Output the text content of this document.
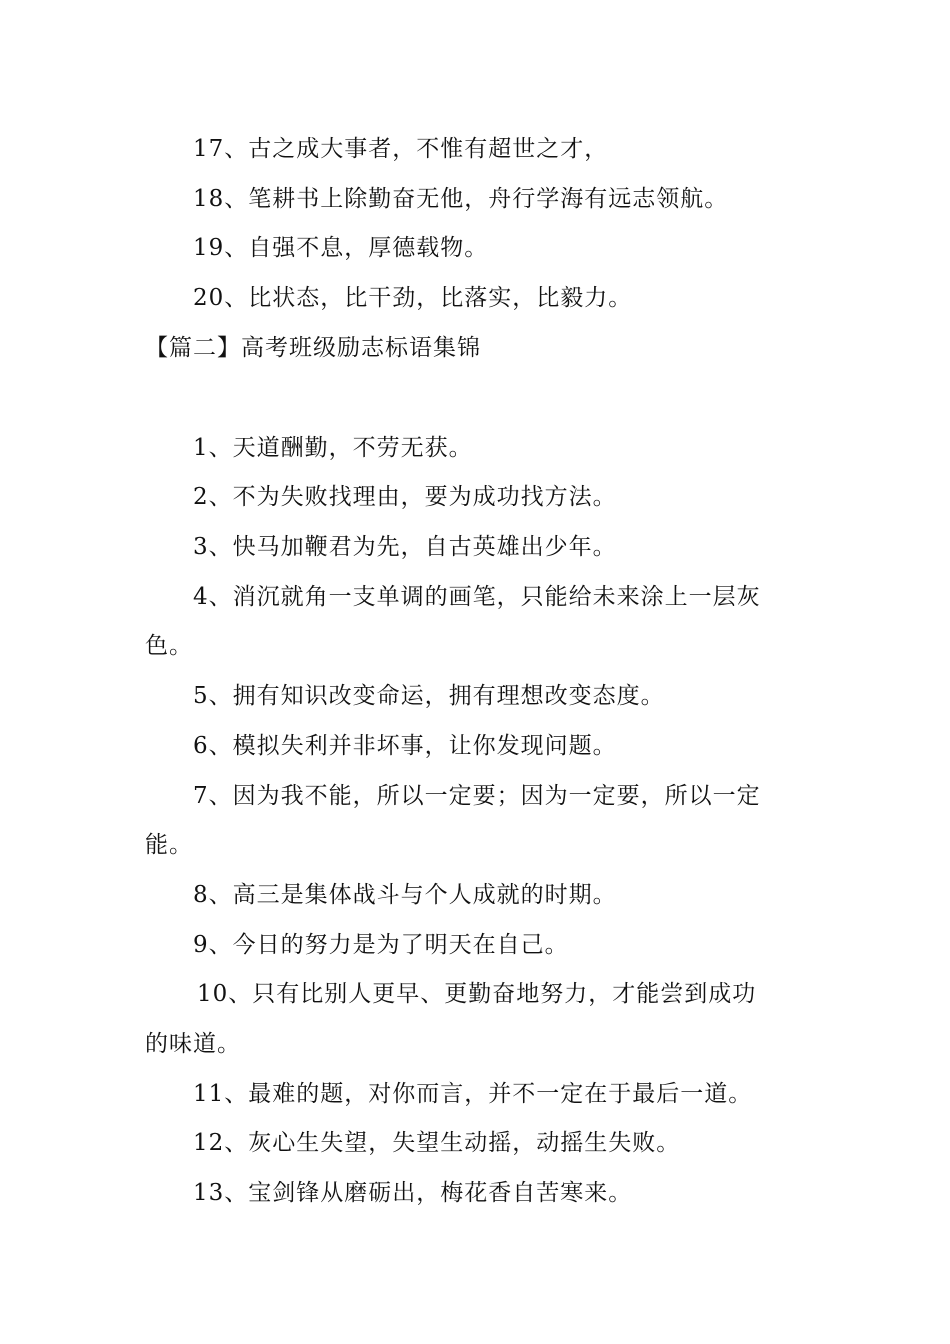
17、古之成大事者，不惟有超世之才，
18、笔耕书上除勤奋无他，舟行学海有远志领航。
19、自强不息，厚德载物。
20、比状态，比干劲，比落实，比毅力。
【篇二】高考班级励志标语集锦
1、天道酬勤，不劳无获。
2、不为失败找理由，要为成功找方法。
3、快马加鞭君为先，自古英雄出少年。
4、消沉就角一支单调的画笔，只能给未来涂上一层灰
色。
5、拥有知识改变命运，拥有理想改变态度。
6、模拟失利并非坏事，让你发现问题。
7、因为我不能，所以一定要；因为一定要，所以一定
能。
8、高三是集体战斗与个人成就的时期。
9、今日的努力是为了明天在自己。
10、只有比别人更早、更勤奋地努力，才能尝到成功
的味道。
11、最难的题，对你而言，并不一定在于最后一道。
12、灰心生失望，失望生动摇，动摇生失败。
13、宝剑锋从磨砺出，梅花香自苦寒来。
